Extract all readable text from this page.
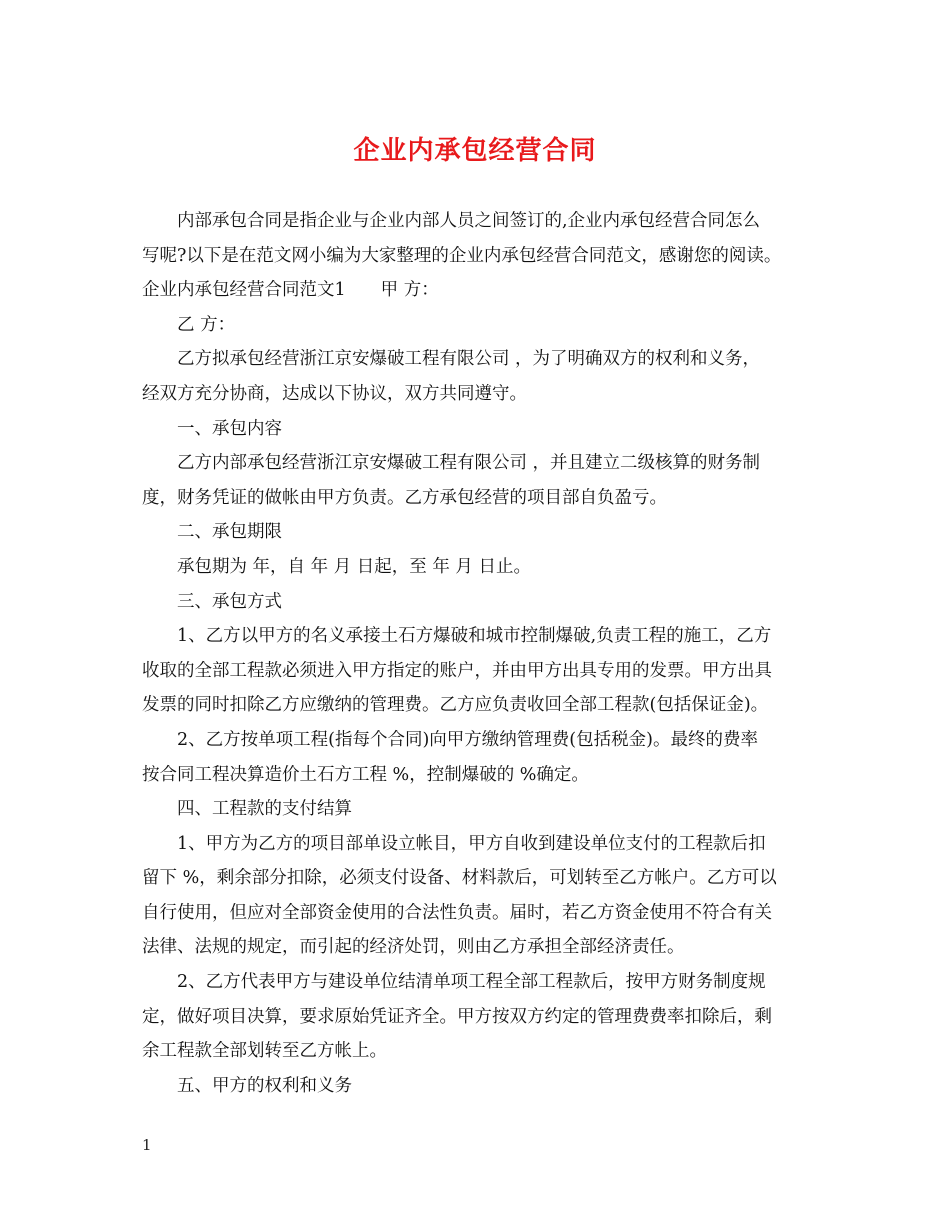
企业内承包经营合同
内部承包合同是指企业与企业内部人员之间签订的,企业内承包经营合同怎么
写呢?以下是在范文网小编为大家整理的企业内承包经营合同范文，感谢您的阅读。
企业内承包经营合同范文1　　甲 方：
乙 方：
乙方拟承包经营浙江京安爆破工程有限公司 ，为了明确双方的权利和义务，
经双方充分协商，达成以下协议，双方共同遵守。
一、承包内容
乙方内部承包经营浙江京安爆破工程有限公司 ，并且建立二级核算的财务制
度，财务凭证的做帐由甲方负责。乙方承包经营的项目部自负盈亏。
二、承包期限
承包期为 年，自 年 月 日起，至 年 月 日止。
三、承包方式
1、乙方以甲方的名义承接土石方爆破和城市控制爆破,负责工程的施工，乙方
收取的全部工程款必须进入甲方指定的账户，并由甲方出具专用的发票。甲方出具
发票的同时扣除乙方应缴纳的管理费。乙方应负责收回全部工程款(包括保证金)。
2、乙方按单项工程(指每个合同)向甲方缴纳管理费(包括税金)。最终的费率
按合同工程决算造价土石方工程 %，控制爆破的 %确定。
四、工程款的支付结算
1、甲方为乙方的项目部单设立帐目，甲方自收到建设单位支付的工程款后扣
留下 %，剩余部分扣除，必须支付设备、材料款后，可划转至乙方帐户。乙方可以
自行使用，但应对全部资金使用的合法性负责。届时，若乙方资金使用不符合有关
法律、法规的规定，而引起的经济处罚，则由乙方承担全部经济责任。
2、乙方代表甲方与建设单位结清单项工程全部工程款后，按甲方财务制度规
定，做好项目决算，要求原始凭证齐全。甲方按双方约定的管理费费率扣除后，剩
余工程款全部划转至乙方帐上。
五、甲方的权利和义务
1
